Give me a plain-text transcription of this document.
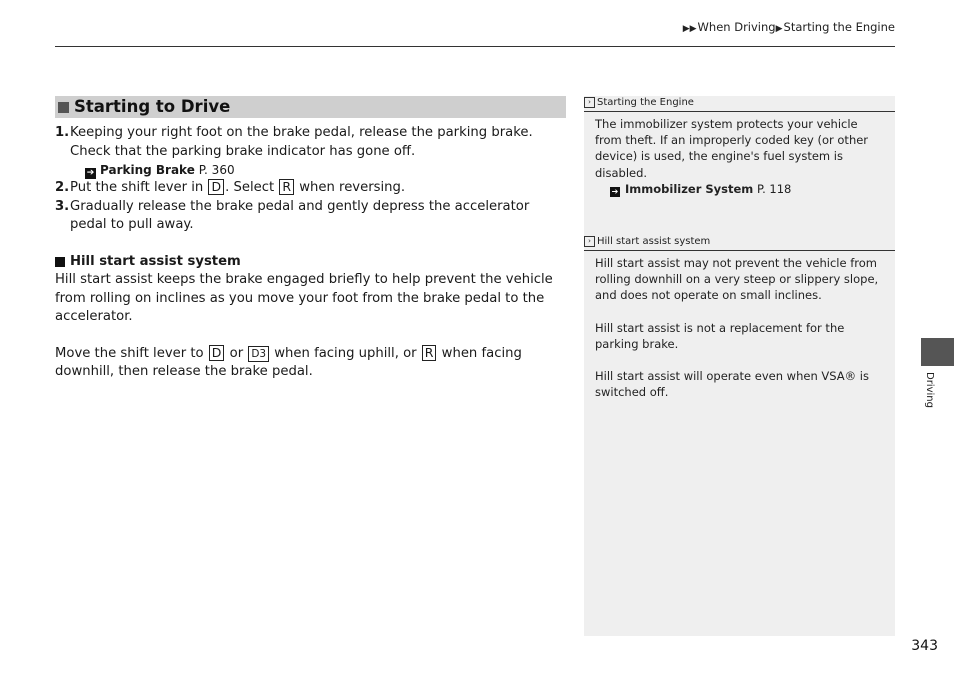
▶▶When Driving▶Starting the Engine
Starting to Drive
1. Keeping your right foot on the brake pedal, release the parking brake. Check that the parking brake indicator has gone off.
➔ Parking Brake P. 360
2. Put the shift lever in D . Select R when reversing.
3. Gradually release the brake pedal and gently depress the accelerator pedal to pull away.
Hill start assist system

Hill start assist keeps the brake engaged briefly to help prevent the vehicle from rolling on inclines as you move your foot from the brake pedal to the accelerator.

Move the shift lever to D or D3 when facing uphill, or R when facing downhill, then release the brake pedal.

› Starting the Engine

The immobilizer system protects your vehicle from theft. If an improperly coded key (or other device) is used, the engine's fuel system is disabled.

➔ Immobilizer System P. 118
› Hill start assist system

Hill start assist may not prevent the vehicle from rolling downhill on a very steep or slippery slope, and does not operate on small inclines.

Hill start assist is not a replacement for the parking brake.

Hill start assist will operate even when VSA® is switched off.	Driving
343
